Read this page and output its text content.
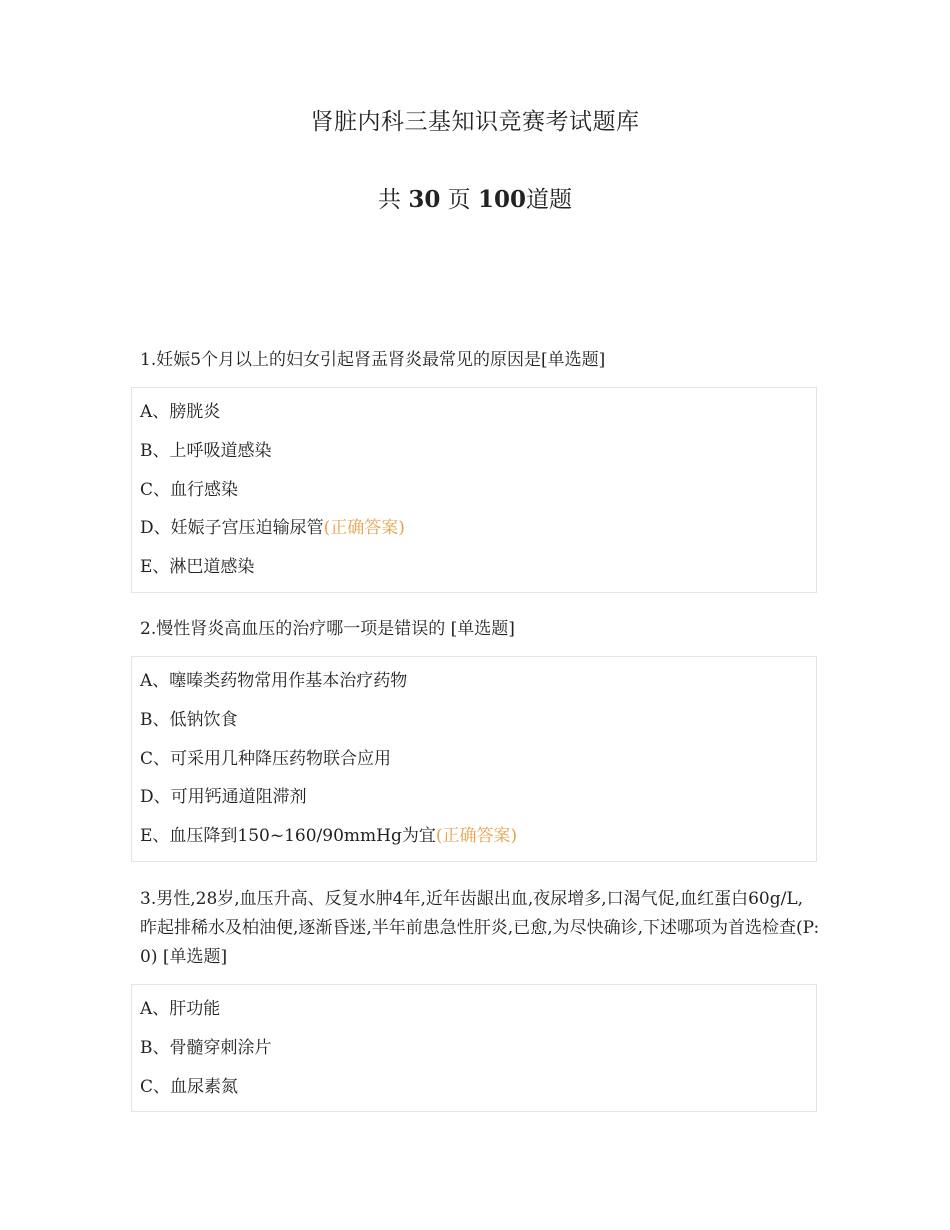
肾脏内科三基知识竞赛考试题库
共 30 页 100道题
1.妊娠5个月以上的妇女引起肾盂肾炎最常见的原因是[单选题]
A、膀胱炎
B、上呼吸道感染
C、血行感染
D、妊娠子宫压迫输尿管(正确答案)
E、淋巴道感染
2.慢性肾炎高血压的治疗哪一项是错误的 [单选题]
A、噻嗪类药物常用作基本治疗药物
B、低钠饮食
C、可采用几种降压药物联合应用
D、可用钙通道阻滞剂
E、血压降到150~160/90mmHg为宜(正确答案)
3.男性,28岁,血压升高、反复水肿4年,近年齿龈出血,夜尿增多,口渴气促,血红蛋白60g/L,昨起排稀水及柏油便,逐渐昏迷,半年前患急性肝炎,已愈,为尽快确诊,下述哪项为首选检查(P:0) [单选题]
A、肝功能
B、骨髓穿刺涂片
C、血尿素氮
